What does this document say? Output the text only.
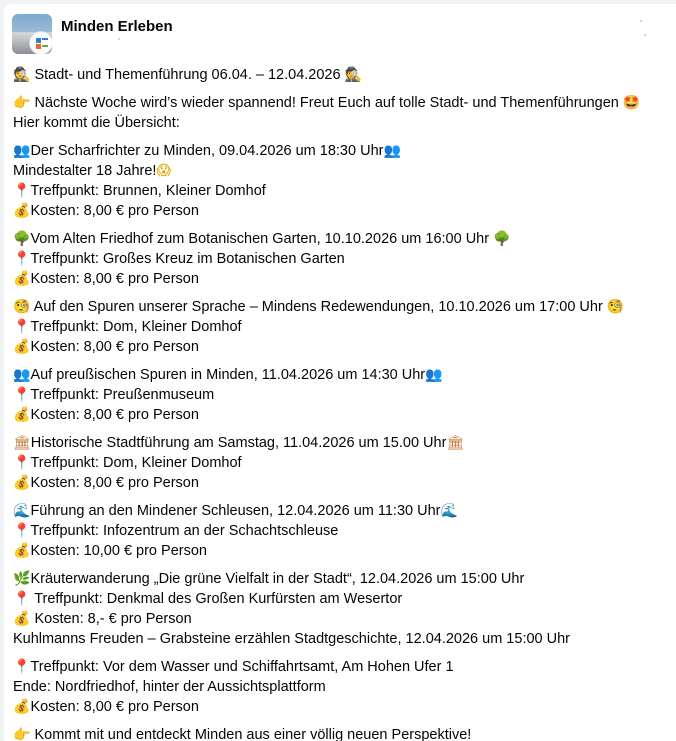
Minden Erleben
🕵 Stadt- und Themenführung 06.04. – 12.04.2026 🕵
👉 Nächste Woche wird’s wieder spannend! Freut Euch auf tolle Stadt- und Themenführungen 🤩
Hier kommt die Übersicht:
👥Der Scharfrichter zu Minden, 09.04.2026 um 18:30 Uhr👥
Mindestalter 18 Jahre!😱
📍Treffpunkt: Brunnen, Kleiner Domhof
💰Kosten: 8,00 € pro Person
🌳Vom Alten Friedhof zum Botanischen Garten, 10.10.2026 um 16:00 Uhr 🌳
📍Treffpunkt: Großes Kreuz im Botanischen Garten
💰Kosten: 8,00 € pro Person
🧐 Auf den Spuren unserer Sprache – Mindens Redewendungen, 10.10.2026 um 17:00 Uhr 🧐
📍Treffpunkt: Dom, Kleiner Domhof
💰Kosten: 8,00 € pro Person
👥Auf preußischen Spuren in Minden, 11.04.2026 um 14:30 Uhr👥
📍Treffpunkt: Preußenmuseum
💰Kosten: 8,00 € pro Person
🏛Historische Stadtführung am Samstag, 11.04.2026 um 15.00 Uhr🏛
📍Treffpunkt: Dom, Kleiner Domhof
💰Kosten: 8,00 € pro Person
🌊Führung an den Mindener Schleusen, 12.04.2026 um 11:30 Uhr🌊
📍Treffpunkt: Infozentrum an der Schachtschleuse
💰Kosten: 10,00 € pro Person
🌿Kräuterwanderung „Die grüne Vielfalt in der Stadt“, 12.04.2026 um 15:00 Uhr
📍 Treffpunkt: Denkmal des Großen Kurfürsten am Wesertor
💰 Kosten: 8,- € pro Person
Kuhlmanns Freuden – Grabsteine erzählen Stadtgeschichte, 12.04.2026 um 15:00 Uhr
📍Treffpunkt: Vor dem Wasser und Schiffahrtsamt, Am Hohen Ufer 1
Ende: Nordfriedhof, hinter der Aussichtsplattform
💰Kosten: 8,00 € pro Person
👉 Kommt mit und entdeckt Minden aus einer völlig neuen Perspektive!
